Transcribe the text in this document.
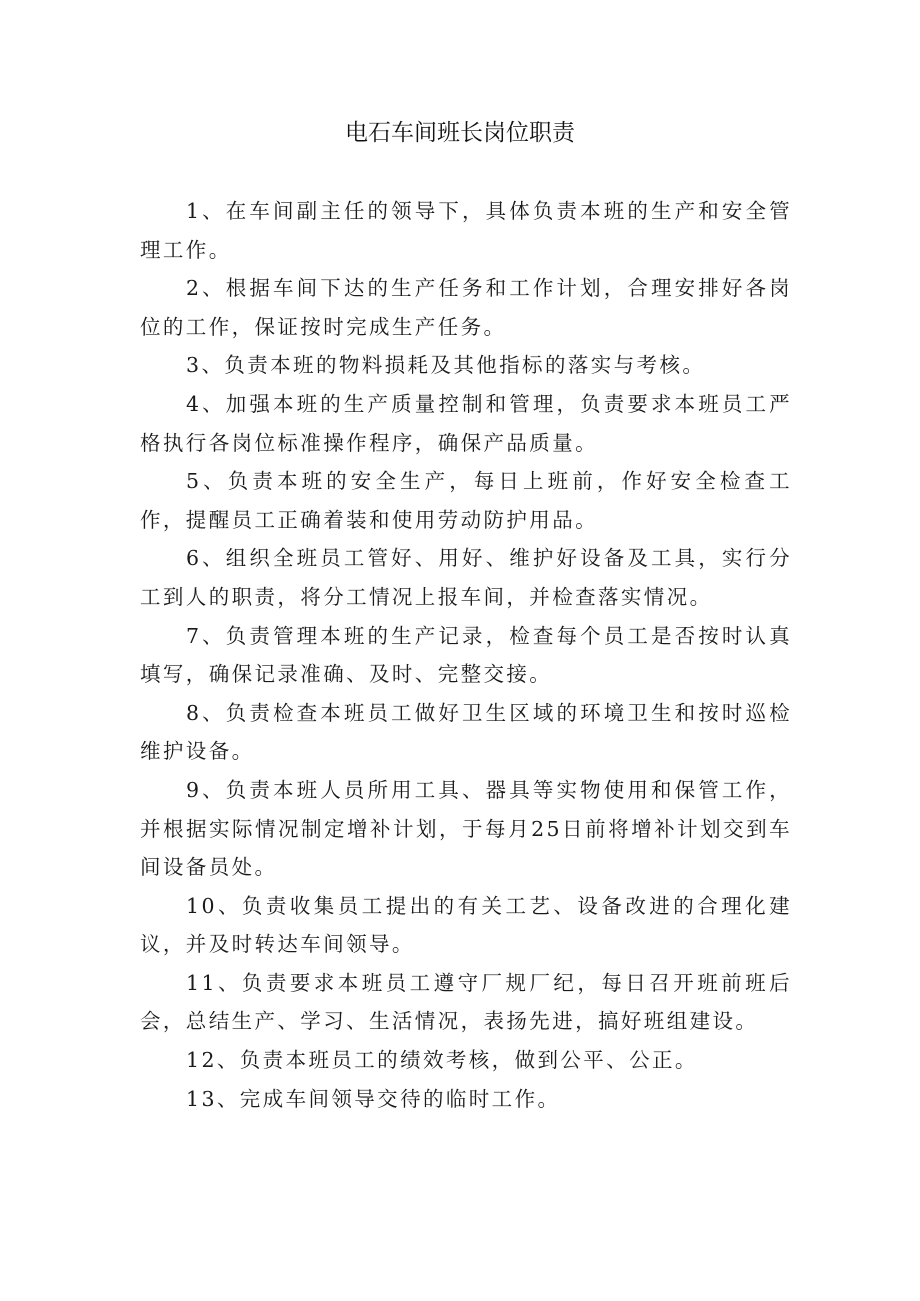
电石车间班长岗位职责

1、在车间副主任的领导下，具体负责本班的生产和安全管理工作。

2、根据车间下达的生产任务和工作计划，合理安排好各岗位的工作，保证按时完成生产任务。

3、负责本班的物料损耗及其他指标的落实与考核。

4、加强本班的生产质量控制和管理，负责要求本班员工严格执行各岗位标准操作程序，确保产品质量。

5、负责本班的安全生产，每日上班前，作好安全检查工作，提醒员工正确着装和使用劳动防护用品。

6、组织全班员工管好、用好、维护好设备及工具，实行分工到人的职责，将分工情况上报车间，并检查落实情况。

7、负责管理本班的生产记录，检查每个员工是否按时认真填写，确保记录准确、及时、完整交接。

8、负责检查本班员工做好卫生区域的环境卫生和按时巡检维护设备。

9、负责本班人员所用工具、器具等实物使用和保管工作，并根据实际情况制定增补计划，于每月25日前将增补计划交到车间设备员处。

10、负责收集员工提出的有关工艺、设备改进的合理化建议，并及时转达车间领导。

11、负责要求本班员工遵守厂规厂纪，每日召开班前班后会，总结生产、学习、生活情况，表扬先进，搞好班组建设。

12、负责本班员工的绩效考核，做到公平、公正。

13、完成车间领导交待的临时工作。
